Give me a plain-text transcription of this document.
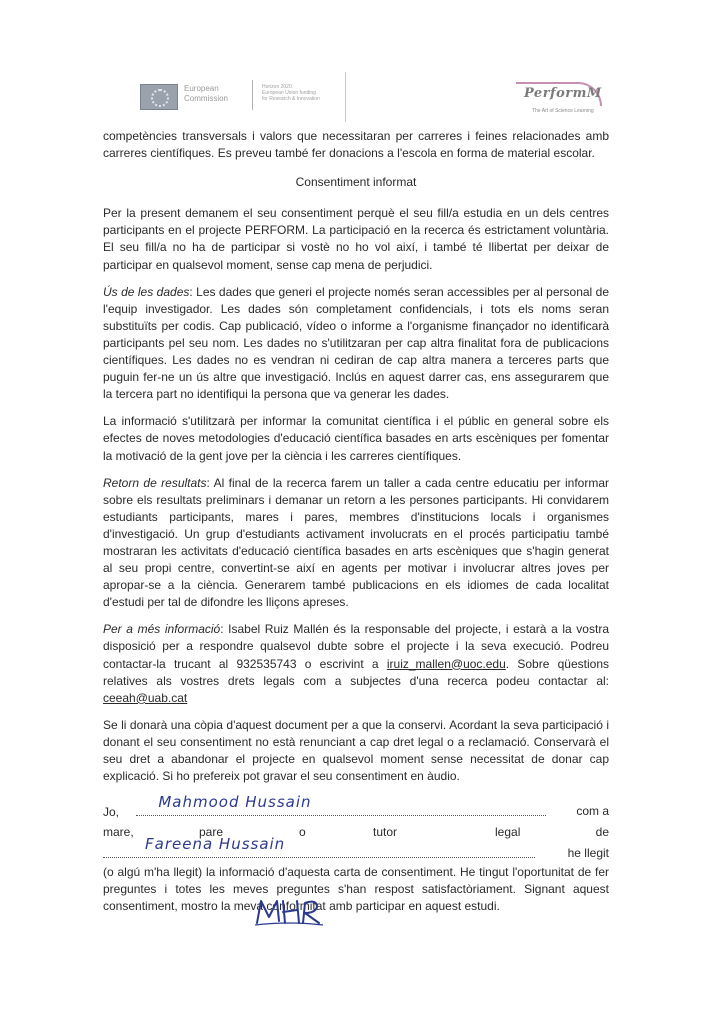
European
Commission
Horizon 2020
European Union funding
for Research & Innovation	PerformM
The Art of Science Learning

competències transversals i valors que necessitaran per carreres i feines relacionades amb carreres científiques. Es preveu també fer donacions a l'escola en forma de material escolar.

Consentiment informat

Per la present demanem el seu consentiment perquè el seu fill/a estudia en un dels centres participants en el projecte PERFORM. La participació en la recerca és estrictament voluntària. El seu fill/a no ha de participar si vostè no ho vol així, i també té llibertat per deixar de participar en qualsevol moment, sense cap mena de perjudici.

Ús de les dades: Les dades que generi el projecte només seran accessibles per al personal de l'equip investigador. Les dades són completament confidencials, i tots els noms seran substituïts per codis. Cap publicació, vídeo o informe a l'organisme finançador no identificarà participants pel seu nom. Les dades no s'utilitzaran per cap altra finalitat fora de publicacions científiques. Les dades no es vendran ni cediran de cap altra manera a terceres parts que puguin fer-ne un ús altre que investigació. Inclús en aquest darrer cas, ens assegurarem que la tercera part no identifiqui la persona que va generar les dades.

La informació s'utilitzarà per informar la comunitat científica i el públic en general sobre els efectes de noves metodologies d'educació científica basades en arts escèniques per fomentar la motivació de la gent jove per la ciència i les carreres científiques.

Retorn de resultats: Al final de la recerca farem un taller a cada centre educatiu per informar sobre els resultats preliminars i demanar un retorn a les persones participants. Hi convidarem estudiants participants, mares i pares, membres d'institucions locals i organismes d'investigació. Un grup d'estudiants activament involucrats en el procés participatiu també mostraran les activitats d'educació científica basades en arts escèniques que s'hagin generat al seu propi centre, convertint-se així en agents per motivar i involucrar altres joves per apropar-se a la ciència. Generarem també publicacions en els idiomes de cada localitat d'estudi per tal de difondre les lliçons apreses.

Per a més informació: Isabel Ruiz Mallén és la responsable del projecte, i estarà a la vostra disposició per a respondre qualsevol dubte sobre el projecte i la seva execució. Podreu contactar-la trucant al 932535743 o escrivint a iruiz_mallen@uoc.edu. Sobre qüestions relatives als vostres drets legals com a subjectes d'una recerca podeu contactar al: ceeah@uab.cat

Se li donarà una còpia d'aquest document per a que la conservi. Acordant la seva participació i donant el seu consentiment no està renunciant a cap dret legal o a reclamació. Conservarà el seu dret a abandonar el projecte en qualsevol moment sense necessitat de donar cap explicació. Si ho prefereix pot gravar el seu consentiment en àudio.

Jo,
Mahmood Hussain	com a
mare,	pare	o	tutor	legal	de
Fareena Hussain	he llegit

(o algú m'ha llegit) la informació d'aquesta carta de consentiment. He tingut l'oportunitat de fer preguntes i totes les meves preguntes s'han respost satisfactòriament. Signant aquest consentiment, mostro la meva conformitat amb participar en aquest estudi.
